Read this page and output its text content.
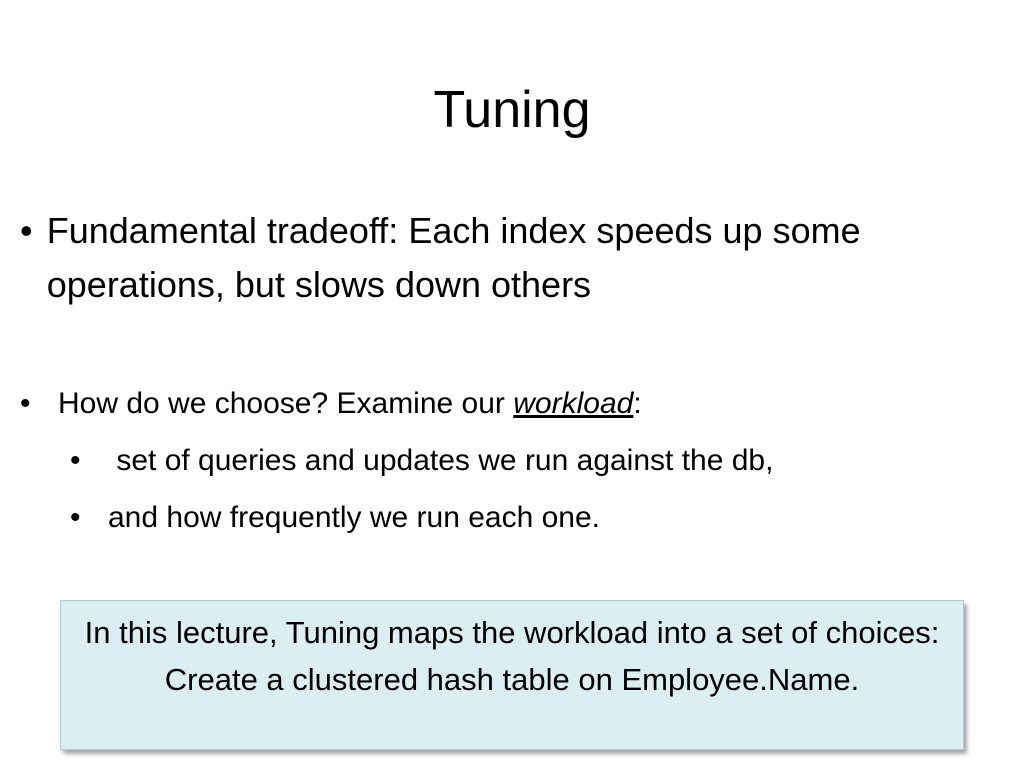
Tuning
• Fundamental tradeoff: Each index speeds up some operations, but slows down others
• How do we choose? Examine our workload:
• set of queries and updates we run against the db,
• and how frequently we run each one.
In this lecture, Tuning maps the workload into a set of choices: Create a clustered hash table on Employee.Name.
